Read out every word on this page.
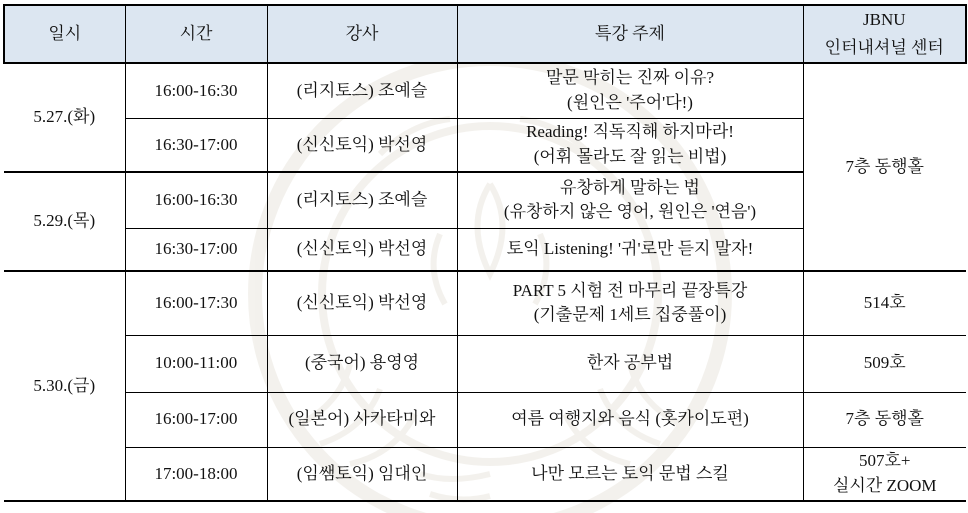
일시	시간	강사	특강 주제	JBNU
인터내셔널 센터

5.27.(화)	16:00-16:30	(리지토스) 조예슬	말문 막히는 진짜 이유?
(원인은 '주어'다!)	7층 동행홀
	16:30-17:00	(신신토익) 박선영	Reading! 직독직해 하지마라!
(어휘 몰라도 잘 읽는 비법)	

5.29.(목)	16:00-16:30	(리지토스) 조예슬	유창하게 말하는 법
(유창하지 않은 영어, 원인은 '연음')	

	16:30-17:00	(신신토익) 박선영	토익 Listening! '귀'로만 듣지 말자!	

5.30.(금)	16:00-17:30	(신신토익) 박선영	PART 5 시험 전 마무리 끝장특강
(기출문제 1세트 집중풀이)	514호
	10:00-11:00	(중국어) 용영영	한자 공부법	509호
	16:00-17:00	(일본어) 사카타미와	여름 여행지와 음식 (홋카이도편)	7층 동행홀
	17:00-18:00	(임쌤토익) 임대인	나만 모르는 토익 문법 스킬	507호+
실시간 ZOOM
